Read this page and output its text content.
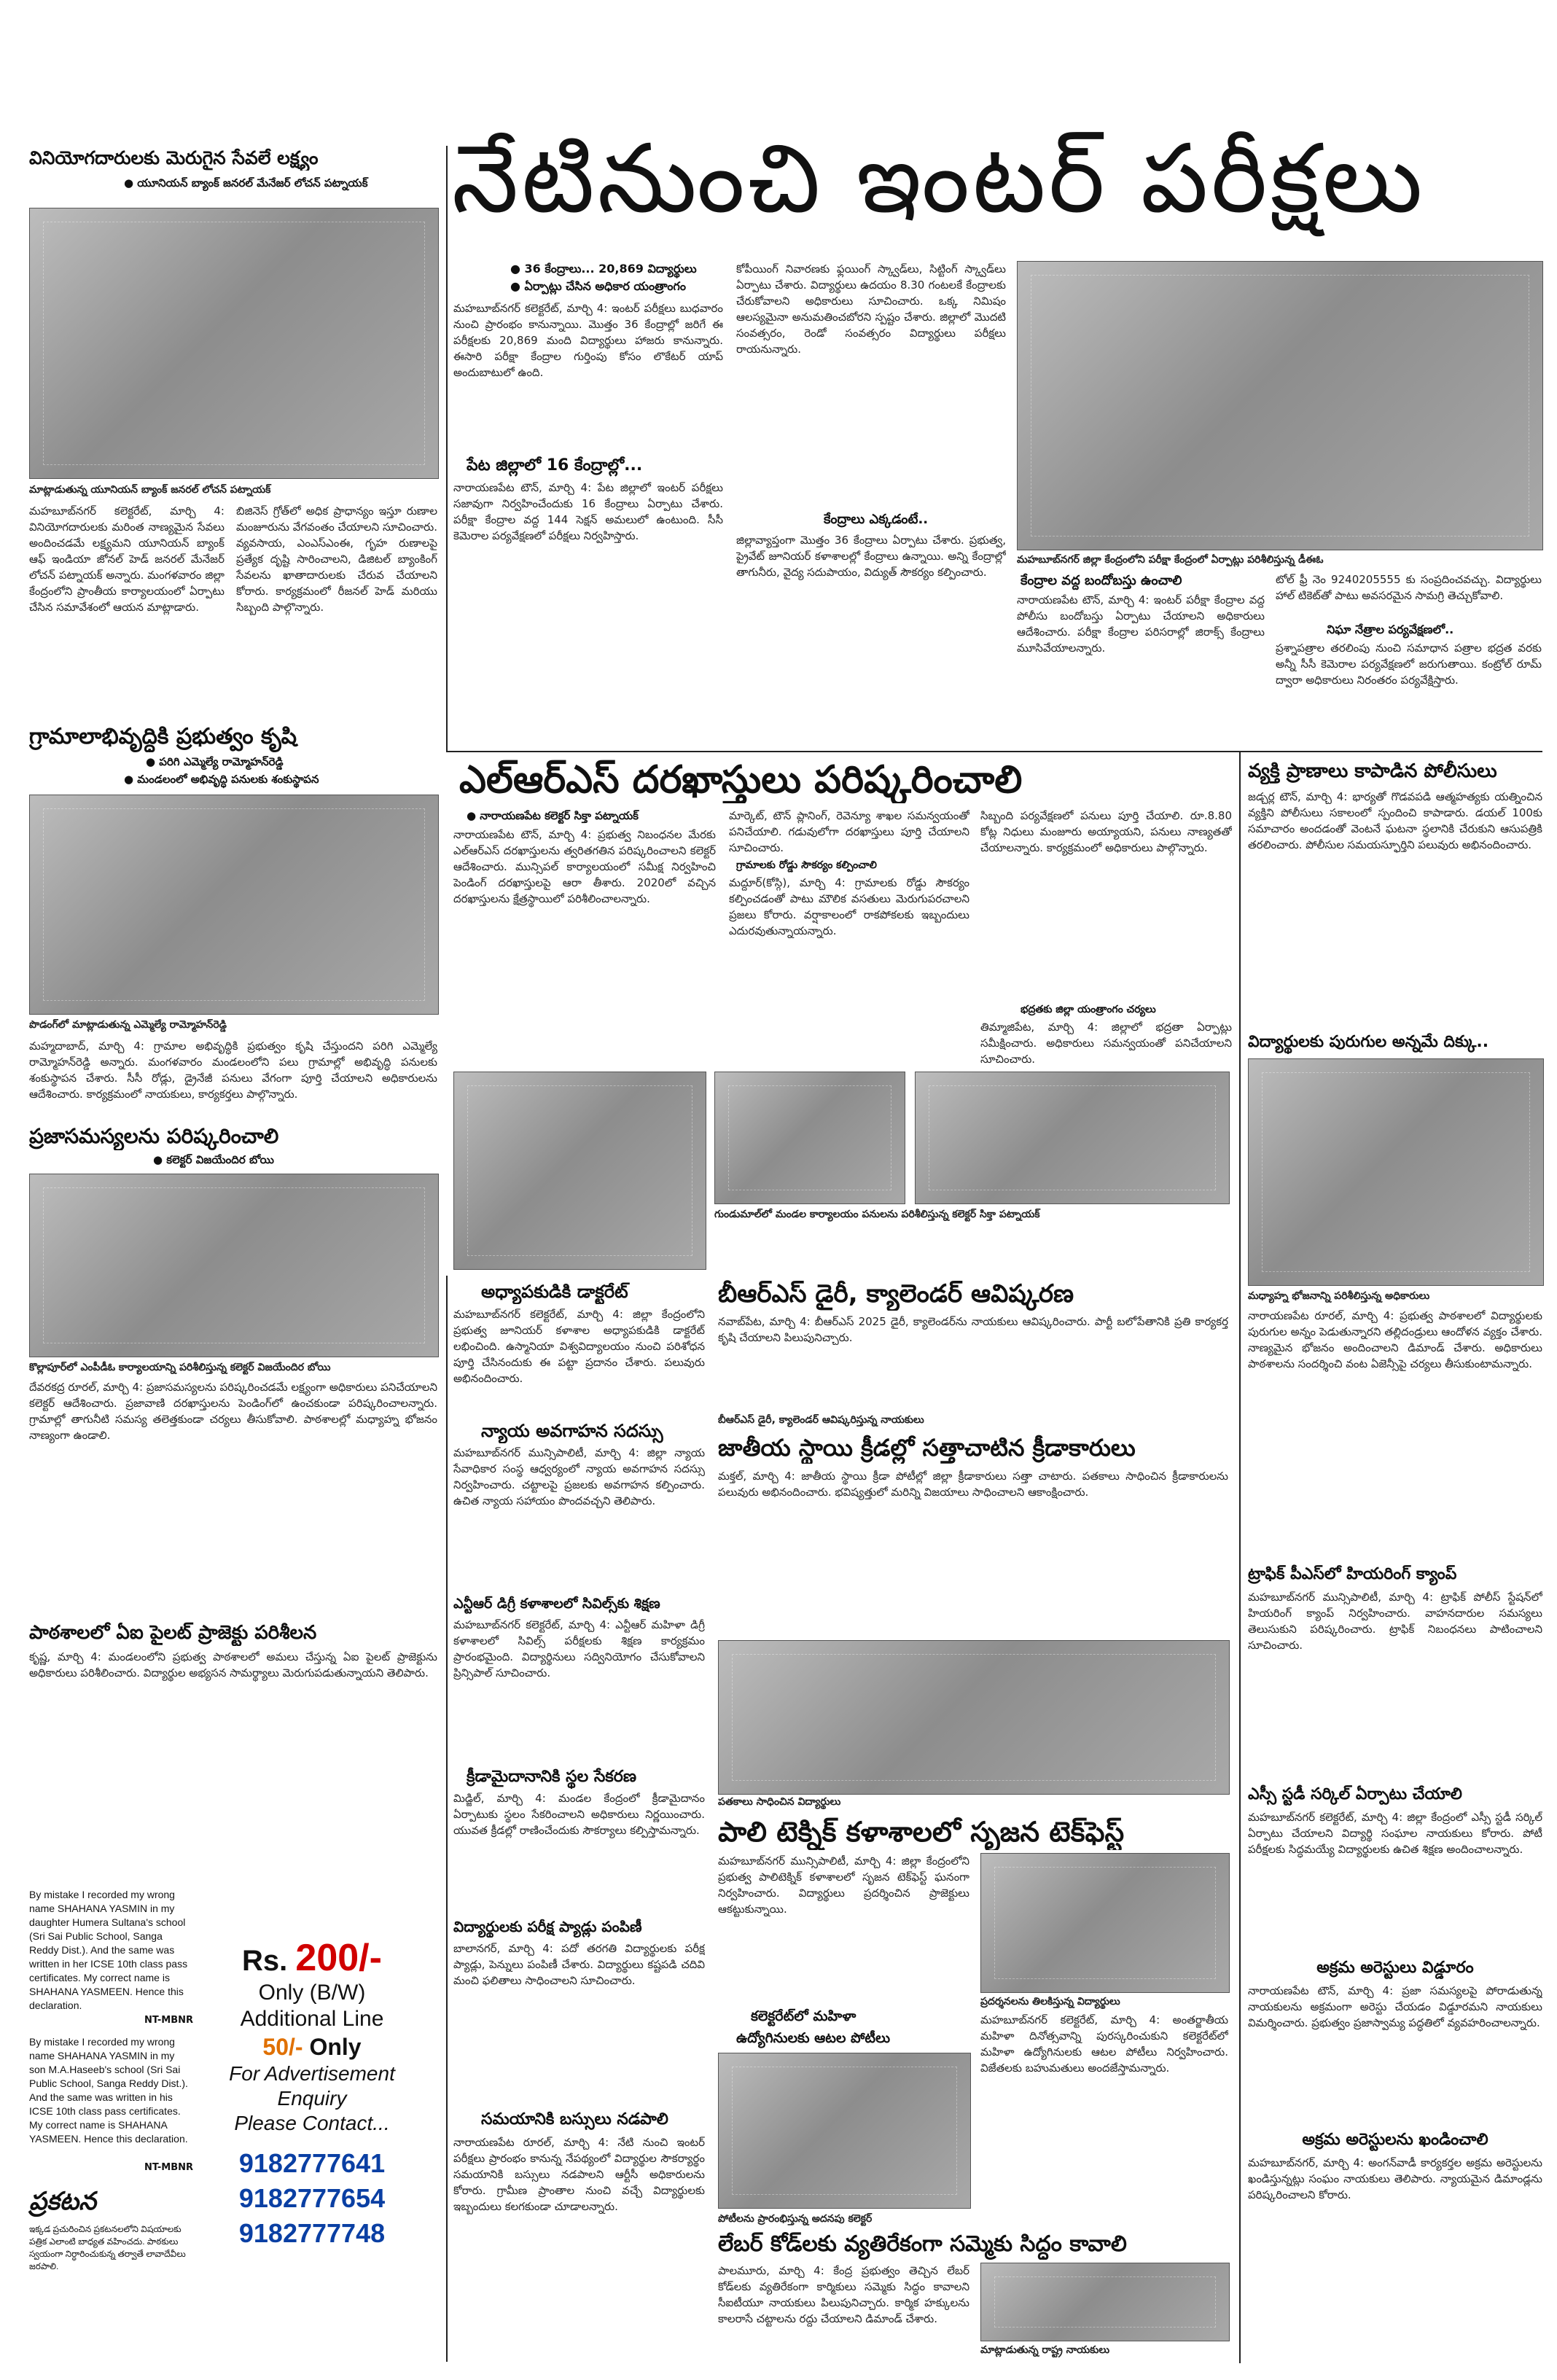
వినియోగదారులకు మెరుగైన సేవలే లక్ష్యం
● యూనియన్ బ్యాంక్ జనరల్ మేనేజర్ లోచన్ పట్నాయక్
మాట్లాడుతున్న యూనియన్ బ్యాంక్ జనరల్ లోచన్ పట్నాయక్
మహబూబ్‌నగర్ కలెక్టరేట్, మార్చి 4: వినియోగదారులకు మరింత నాణ్యమైన సేవలు అందించడమే లక్ష్యమని యూనియన్ బ్యాంక్ ఆఫ్ ఇండియా జోనల్ హెడ్ జనరల్ మేనేజర్ లోచన్ పట్నాయక్ అన్నారు. మంగళవారం జిల్లా కేంద్రంలోని ప్రాంతీయ కార్యాలయంలో ఏర్పాటు చేసిన సమావేశంలో ఆయన మాట్లాడారు.
బిజినెస్ గ్రోత్‌లో అధిక ప్రాధాన్యం ఇస్తూ రుణాల మంజూరును వేగవంతం చేయాలని సూచించారు. వ్యవసాయ, ఎంఎస్ఎంఈ, గృహ రుణాలపై ప్రత్యేక దృష్టి సారించాలని, డిజిటల్ బ్యాంకింగ్ సేవలను ఖాతాదారులకు చేరువ చేయాలని కోరారు. కార్యక్రమంలో రీజనల్ హెడ్ మరియు సిబ్బంది పాల్గొన్నారు.
గ్రామాలాభివృద్ధికి ప్రభుత్వం కృషి
● పరిగి ఎమ్మెల్యే రామ్మోహన్‌రెడ్డి
● మండలంలో అభివృద్ధి పనులకు శంకుస్థాపన
నేటినుంచి ఇంటర్ పరీక్షలు
● 36 కేంద్రాలు... 20,869 విద్యార్థులు
● ఏర్పాట్లు చేసిన అధికార యంత్రాంగం
మహబూబ్‌నగర్ కలెక్టరేట్, మార్చి 4: ఇంటర్ పరీక్షలు బుధవారం నుంచి ప్రారంభం కానున్నాయి. మొత్తం 36 కేంద్రాల్లో జరిగే ఈ పరీక్షలకు 20,869 మంది విద్యార్థులు హాజరు కానున్నారు. ఈసారి పరీక్షా కేంద్రాల గుర్తింపు కోసం లొకేటర్ యాప్ అందుబాటులో ఉంది.
పేట జిల్లాలో 16 కేంద్రాల్లో...
నారాయణపేట టౌన్, మార్చి 4: పేట జిల్లాలో ఇంటర్ పరీక్షలు సజావుగా నిర్వహించేందుకు 16 కేంద్రాలు ఏర్పాటు చేశారు. పరీక్షా కేంద్రాల వద్ద 144 సెక్షన్ అమలులో ఉంటుంది. సీసీ కెమెరాల పర్యవేక్షణలో పరీక్షలు నిర్వహిస్తారు.
కోపీయింగ్ నివారణకు ఫ్లయింగ్ స్క్వాడ్‌లు, సిట్టింగ్ స్క్వాడ్‌లు ఏర్పాటు చేశారు. విద్యార్థులు ఉదయం 8.30 గంటలకే కేంద్రాలకు చేరుకోవాలని అధికారులు సూచించారు. ఒక్క నిమిషం ఆలస్యమైనా అనుమతించబోరని స్పష్టం చేశారు. జిల్లాలో మొదటి సంవత్సరం, రెండో సంవత్సరం విద్యార్థులు పరీక్షలు రాయనున్నారు.
కేంద్రాలు ఎక్కడంటే..
జిల్లావ్యాప్తంగా మొత్తం 36 కేంద్రాలు ఏర్పాటు చేశారు. ప్రభుత్వ, ప్రైవేట్ జూనియర్ కళాశాలల్లో కేంద్రాలు ఉన్నాయి. అన్ని కేంద్రాల్లో తాగునీరు, వైద్య సదుపాయం, విద్యుత్ సౌకర్యం కల్పించారు.
మహబూబ్‌నగర్ జిల్లా కేంద్రంలోని పరీక్షా కేంద్రంలో ఏర్పాట్లు పరిశీలిస్తున్న డీఈఓ
కేంద్రాల వద్ద బందోబస్తు ఉంచాలి
నారాయణపేట టౌన్, మార్చి 4: ఇంటర్ పరీక్షా కేంద్రాల వద్ద పోలీసు బందోబస్తు ఏర్పాటు చేయాలని అధికారులు ఆదేశించారు. పరీక్షా కేంద్రాల పరిసరాల్లో జిరాక్స్ కేంద్రాలు మూసివేయాలన్నారు.
టోల్ ఫ్రీ నెం 9240205555 కు సంప్రదించవచ్చు. విద్యార్థులు హాల్ టికెట్‌తో పాటు అవసరమైన సామగ్రి తెచ్చుకోవాలి.
నిఘా నేత్రాల పర్యవేక్షణలో..
ప్రశ్నాపత్రాల తరలింపు నుంచి సమాధాన పత్రాల భద్రత వరకు అన్నీ సీసీ కెమెరాల పర్యవేక్షణలో జరుగుతాయి. కంట్రోల్ రూమ్ ద్వారా అధికారులు నిరంతరం పర్యవేక్షిస్తారు.
ఎల్ఆర్ఎస్ దరఖాస్తులు పరిష్కరించాలి
● నారాయణపేట కలెక్టర్ సిక్తా పట్నాయక్
నారాయణపేట టౌన్, మార్చి 4: ప్రభుత్వ నిబంధనల మేరకు ఎల్ఆర్ఎస్ దరఖాస్తులను త్వరితగతిన పరిష్కరించాలని కలెక్టర్ ఆదేశించారు. మున్సిపల్ కార్యాలయంలో సమీక్ష నిర్వహించి పెండింగ్ దరఖాస్తులపై ఆరా తీశారు. 2020లో వచ్చిన దరఖాస్తులను క్షేత్రస్థాయిలో పరిశీలించాలన్నారు.
మార్కెట్, టౌన్ ప్లానింగ్, రెవెన్యూ శాఖల సమన్వయంతో పనిచేయాలి. గడువులోగా దరఖాస్తులు పూర్తి చేయాలని సూచించారు.
గ్రామాలకు రోడ్డు సౌకర్యం కల్పించాలి
మద్దూర్(కోస్గి), మార్చి 4: గ్రామాలకు రోడ్డు సౌకర్యం కల్పించడంతో పాటు మౌలిక వసతులు మెరుగుపరచాలని ప్రజలు కోరారు. వర్షాకాలంలో రాకపోకలకు ఇబ్బందులు ఎదురవుతున్నాయన్నారు.
సిబ్బంది పర్యవేక్షణలో పనులు పూర్తి చేయాలి. రూ.8.80 కోట్ల నిధులు మంజూరు అయ్యాయని, పనులు నాణ్యతతో చేయాలన్నారు. కార్యక్రమంలో అధికారులు పాల్గొన్నారు.
భద్రతకు జిల్లా యంత్రాంగం చర్యలు
తిమ్మాజిపేట, మార్చి 4: జిల్లాలో భద్రతా ఏర్పాట్లు సమీక్షించారు. అధికారులు సమన్వయంతో పనిచేయాలని సూచించారు.
గుండుమాల్‌లో మండల కార్యాలయం పనులను పరిశీలిస్తున్న కలెక్టర్ సిక్తా పట్నాయక్
వ్యక్తి ప్రాణాలు కాపాడిన పోలీసులు
జడ్చర్ల టౌన్, మార్చి 4: భార్యతో గొడవపడి ఆత్మహత్యకు యత్నించిన వ్యక్తిని పోలీసులు సకాలంలో స్పందించి కాపాడారు. డయల్ 100కు సమాచారం అందడంతో వెంటనే ఘటనా స్థలానికి చేరుకుని ఆసుపత్రికి తరలించారు. పోలీసుల సమయస్ఫూర్తిని పలువురు అభినందించారు.
విద్యార్థులకు పురుగుల అన్నమే దిక్కు..
మధ్యాహ్న భోజనాన్ని పరిశీలిస్తున్న అధికారులు
నారాయణపేట రూరల్, మార్చి 4: ప్రభుత్వ పాఠశాలలో విద్యార్థులకు పురుగుల అన్నం పెడుతున్నారని తల్లిదండ్రులు ఆందోళన వ్యక్తం చేశారు. నాణ్యమైన భోజనం అందించాలని డిమాండ్ చేశారు. అధికారులు పాఠశాలను సందర్శించి వంట ఏజెన్సీపై చర్యలు తీసుకుంటామన్నారు.
ట్రాఫిక్ పీఎస్‌లో హియరింగ్ క్యాంప్
మహబూబ్‌నగర్ మున్సిపాలిటీ, మార్చి 4: ట్రాఫిక్ పోలీస్ స్టేషన్‌లో హియరింగ్ క్యాంప్ నిర్వహించారు. వాహనదారుల సమస్యలు తెలుసుకుని పరిష్కరించారు. ట్రాఫిక్ నిబంధనలు పాటించాలని సూచించారు.
ఎస్సీ స్టడీ సర్కిల్ ఏర్పాటు చేయాలి
మహబూబ్‌నగర్ కలెక్టరేట్, మార్చి 4: జిల్లా కేంద్రంలో ఎస్సీ స్టడీ సర్కిల్ ఏర్పాటు చేయాలని విద్యార్థి సంఘాల నాయకులు కోరారు. పోటీ పరీక్షలకు సిద్ధమయ్యే విద్యార్థులకు ఉచిత శిక్షణ అందించాలన్నారు.
అక్రమ అరెస్టులు విడ్డూరం
నారాయణపేట టౌన్, మార్చి 4: ప్రజా సమస్యలపై పోరాడుతున్న నాయకులను అక్రమంగా అరెస్టు చేయడం విడ్డూరమని నాయకులు విమర్శించారు. ప్రభుత్వం ప్రజాస్వామ్య పద్ధతిలో వ్యవహరించాలన్నారు.
అక్రమ అరెస్టులను ఖండించాలి
మహబూబ్‌నగర్, మార్చి 4: అంగన్‌వాడీ కార్యకర్తల అక్రమ అరెస్టులను ఖండిస్తున్నట్లు సంఘం నాయకులు తెలిపారు. న్యాయమైన డిమాండ్లను పరిష్కరించాలని కోరారు.
పొడంగ్‌లో మాట్లాడుతున్న ఎమ్మెల్యే రామ్మోహన్‌రెడ్డి
మహ్మదాబాద్, మార్చి 4: గ్రామాల అభివృద్ధికి ప్రభుత్వం కృషి చేస్తుందని పరిగి ఎమ్మెల్యే రామ్మోహన్‌రెడ్డి అన్నారు. మంగళవారం మండలంలోని పలు గ్రామాల్లో అభివృద్ధి పనులకు శంకుస్థాపన చేశారు. సీసీ రోడ్లు, డ్రైనేజీ పనులు వేగంగా పూర్తి చేయాలని అధికారులను ఆదేశించారు. కార్యక్రమంలో నాయకులు, కార్యకర్తలు పాల్గొన్నారు.
ప్రజాసమస్యలను పరిష్కరించాలి
● కలెక్టర్ విజయేందిర బోయి
కొల్లాపూర్‌లో ఎంపీడీఓ కార్యాలయాన్ని పరిశీలిస్తున్న కలెక్టర్ విజయేందిర బోయి
దేవరకద్ర రూరల్, మార్చి 4: ప్రజాసమస్యలను పరిష్కరించడమే లక్ష్యంగా అధికారులు పనిచేయాలని కలెక్టర్ ఆదేశించారు. ప్రజావాణి దరఖాస్తులను పెండింగ్‌లో ఉంచకుండా పరిష్కరించాలన్నారు. గ్రామాల్లో తాగునీటి సమస్య తలెత్తకుండా చర్యలు తీసుకోవాలి. పాఠశాలల్లో మధ్యాహ్న భోజనం నాణ్యంగా ఉండాలి.
పాఠశాలలో ఏఐ పైలట్ ప్రాజెక్టు పరిశీలన
కృష్ణ, మార్చి 4: మండలంలోని ప్రభుత్వ పాఠశాలలో అమలు చేస్తున్న ఏఐ పైలట్ ప్రాజెక్టును అధికారులు పరిశీలించారు. విద్యార్థుల అభ్యసన సామర్థ్యాలు మెరుగుపడుతున్నాయని తెలిపారు.
అధ్యాపకుడికి డాక్టరేట్
మహబూబ్‌నగర్ కలెక్టరేట్, మార్చి 4: జిల్లా కేంద్రంలోని ప్రభుత్వ జూనియర్ కళాశాల అధ్యాపకుడికి డాక్టరేట్ లభించింది. ఉస్మానియా విశ్వవిద్యాలయం నుంచి పరిశోధన పూర్తి చేసినందుకు ఈ పట్టా ప్రదానం చేశారు. పలువురు అభినందించారు.
న్యాయ అవగాహన సదస్సు
మహబూబ్‌నగర్ మున్సిపాలిటీ, మార్చి 4: జిల్లా న్యాయ సేవాధికార సంస్థ ఆధ్వర్యంలో న్యాయ అవగాహన సదస్సు నిర్వహించారు. చట్టాలపై ప్రజలకు అవగాహన కల్పించారు. ఉచిత న్యాయ సహాయం పొందవచ్చని తెలిపారు.
ఎన్టీఆర్ డిగ్రీ కళాశాలలో సివిల్స్‌కు శిక్షణ
మహబూబ్‌నగర్ కలెక్టరేట్, మార్చి 4: ఎన్టీఆర్ మహిళా డిగ్రీ కళాశాలలో సివిల్స్ పరీక్షలకు శిక్షణ కార్యక్రమం ప్రారంభమైంది. విద్యార్థినులు సద్వినియోగం చేసుకోవాలని ప్రిన్సిపాల్ సూచించారు.
క్రీడామైదానానికి స్థల సేకరణ
మిడ్జిల్, మార్చి 4: మండల కేంద్రంలో క్రీడామైదానం ఏర్పాటుకు స్థలం సేకరించాలని అధికారులు నిర్ణయించారు. యువత క్రీడల్లో రాణించేందుకు సౌకర్యాలు కల్పిస్తామన్నారు.
విద్యార్థులకు పరీక్ష ప్యాడ్లు పంపిణీ
బాలానగర్, మార్చి 4: పదో తరగతి విద్యార్థులకు పరీక్ష ప్యాడ్లు, పెన్నులు పంపిణీ చేశారు. విద్యార్థులు కష్టపడి చదివి మంచి ఫలితాలు సాధించాలని సూచించారు.
సమయానికి బస్సులు నడపాలి
నారాయణపేట రూరల్, మార్చి 4: నేటి నుంచి ఇంటర్ పరీక్షలు ప్రారంభం కానున్న నేపథ్యంలో విద్యార్థుల సౌకర్యార్థం సమయానికి బస్సులు నడపాలని ఆర్టీసీ అధికారులను కోరారు. గ్రామీణ ప్రాంతాల నుంచి వచ్చే విద్యార్థులకు ఇబ్బందులు కలగకుండా చూడాలన్నారు.
బీఆర్ఎస్ డైరీ, క్యాలెండర్ ఆవిష్కరణ
నవాబ్‌పేట, మార్చి 4: బీఆర్ఎస్ 2025 డైరీ, క్యాలెండర్‌ను నాయకులు ఆవిష్కరించారు. పార్టీ బలోపేతానికి ప్రతి కార్యకర్త కృషి చేయాలని పిలుపునిచ్చారు.
బీఆర్ఎస్ డైరీ, క్యాలెండర్ ఆవిష్కరిస్తున్న నాయకులు
జాతీయ స్థాయి క్రీడల్లో సత్తాచాటిన క్రీడాకారులు
మక్తల్, మార్చి 4: జాతీయ స్థాయి క్రీడా పోటీల్లో జిల్లా క్రీడాకారులు సత్తా చాటారు. పతకాలు సాధించిన క్రీడాకారులను పలువురు అభినందించారు. భవిష్యత్తులో మరిన్ని విజయాలు సాధించాలని ఆకాంక్షించారు.
పతకాలు సాధించిన విద్యార్థులు
పాలి టెక్నిక్ కళాశాలలో సృజన టెక్‌ఫెస్ట్
మహబూబ్‌నగర్ మున్సిపాలిటీ, మార్చి 4: జిల్లా కేంద్రంలోని ప్రభుత్వ పాలిటెక్నిక్ కళాశాలలో సృజన టెక్‌ఫెస్ట్ ఘనంగా నిర్వహించారు. విద్యార్థులు ప్రదర్శించిన ప్రాజెక్టులు ఆకట్టుకున్నాయి.
ప్రదర్శనలను తిలకిస్తున్న విద్యార్థులు
కలెక్టరేట్‌లో మహిళా
ఉద్యోగినులకు ఆటల పోటీలు
పోటీలను ప్రారంభిస్తున్న అదనపు కలెక్టర్
మహబూబ్‌నగర్ కలెక్టరేట్, మార్చి 4: అంతర్జాతీయ మహిళా దినోత్సవాన్ని పురస్కరించుకుని కలెక్టరేట్‌లో మహిళా ఉద్యోగినులకు ఆటల పోటీలు నిర్వహించారు. విజేతలకు బహుమతులు అందజేస్తామన్నారు.
లేబర్ కోడ్‌లకు వ్యతిరేకంగా సమ్మెకు సిద్ధం కావాలి
పాలమూరు, మార్చి 4: కేంద్ర ప్రభుత్వం తెచ్చిన లేబర్ కోడ్‌లకు వ్యతిరేకంగా కార్మికులు సమ్మెకు సిద్ధం కావాలని సీఐటీయూ నాయకులు పిలుపునిచ్చారు. కార్మిక హక్కులను కాలరాసే చట్టాలను రద్దు చేయాలని డిమాండ్ చేశారు.
మాట్లాడుతున్న రాష్ట్ర నాయకులు
By mistake I recorded my wrong name SHAHANA YASMIN in my daughter Humera Sultana's school (Sri Sai Public School, Sanga Reddy Dist.). And the same was written in her ICSE 10th class pass certificates. My correct name is SHAHANA YASMEEN. Hence this declaration.
NT-MBNR
By mistake I recorded my wrong name SHAHANA YASMIN in my son M.A.Haseeb's school (Sri Sai Public School, Sanga Reddy Dist.). And the same was written in his ICSE 10th class pass certificates. My correct name is SHAHANA YASMEEN. Hence this declaration.
NT-MBNR
ప్రకటన
ఇక్కడ ప్రచురించిన ప్రకటనలలోని విషయాలకు పత్రిక ఎలాంటి బాధ్యత వహించదు. పాఠకులు స్వయంగా నిర్ధారించుకున్న తర్వాతే లావాదేవీలు జరపాలి.
Rs. 200/-
Only (B/W)
Additional Line
50/- Only
For Advertisement Enquiry
Please Contact...
9182777641
9182777654
9182777748
